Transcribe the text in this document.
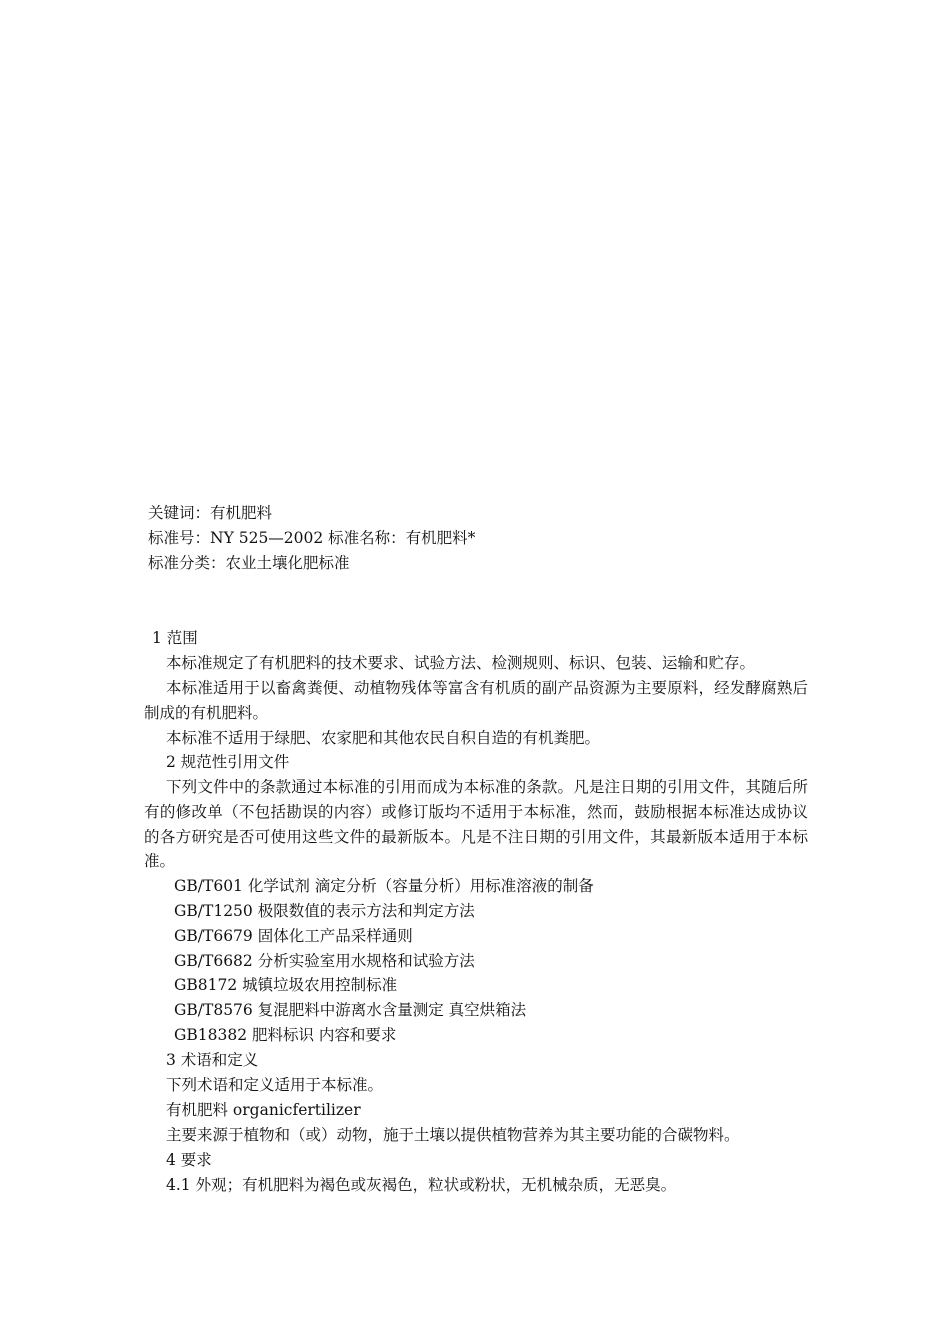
关键词：有机肥料
标准号：NY 525—2002 标准名称：有机肥料*
标准分类：农业土壤化肥标准
1 范围
本标准规定了有机肥料的技术要求、试验方法、检测规则、标识、包装、运输和贮存。
本标准适用于以畜禽粪便、动植物残体等富含有机质的副产品资源为主要原料，经发酵腐熟后制成的有机肥料。
本标准不适用于绿肥、农家肥和其他农民自积自造的有机粪肥。
2 规范性引用文件
下列文件中的条款通过本标准的引用而成为本标准的条款。凡是注日期的引用文件，其随后所有的修改单（不包括勘误的内容）或修订版均不适用于本标准，然而，鼓励根据本标准达成协议的各方研究是否可使用这些文件的最新版本。凡是不注日期的引用文件，其最新版本适用于本标准。
GB/T601 化学试剂 滴定分析（容量分析）用标准溶液的制备
GB/T1250 极限数值的表示方法和判定方法
GB/T6679 固体化工产品采样通则
GB/T6682 分析实验室用水规格和试验方法
GB8172 城镇垃圾农用控制标准
GB/T8576 复混肥料中游离水含量测定 真空烘箱法
GB18382 肥料标识 内容和要求
3 术语和定义
下列术语和定义适用于本标准。
有机肥料 organicfertilizer
主要来源于植物和（或）动物，施于土壤以提供植物营养为其主要功能的合碳物料。
4 要求
4.1 外观；有机肥料为褐色或灰褐色，粒状或粉状，无机械杂质，无恶臭。
